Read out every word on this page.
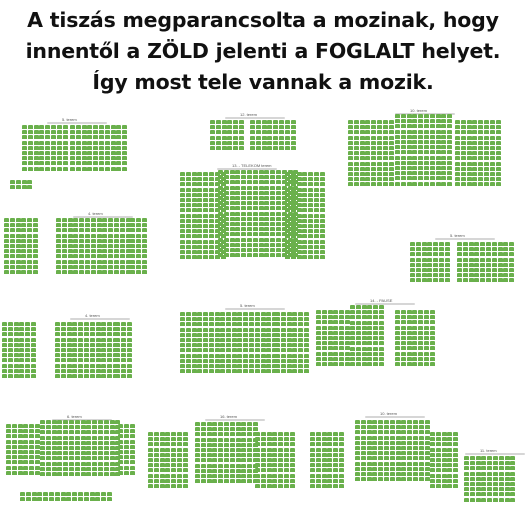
A tiszás megparancsolta a mozinak, hogy
innentől a ZÖLD jelenti a FOGLALT helyet.
Így most tele vannak a mozik.
5. terem
12. terem
10. terem
13. - TELEKOM terem
4. terem
5. terem
14. - PAUSE
4. terem
5. terem
6. terem	16. terem
10. terem
11. terem
